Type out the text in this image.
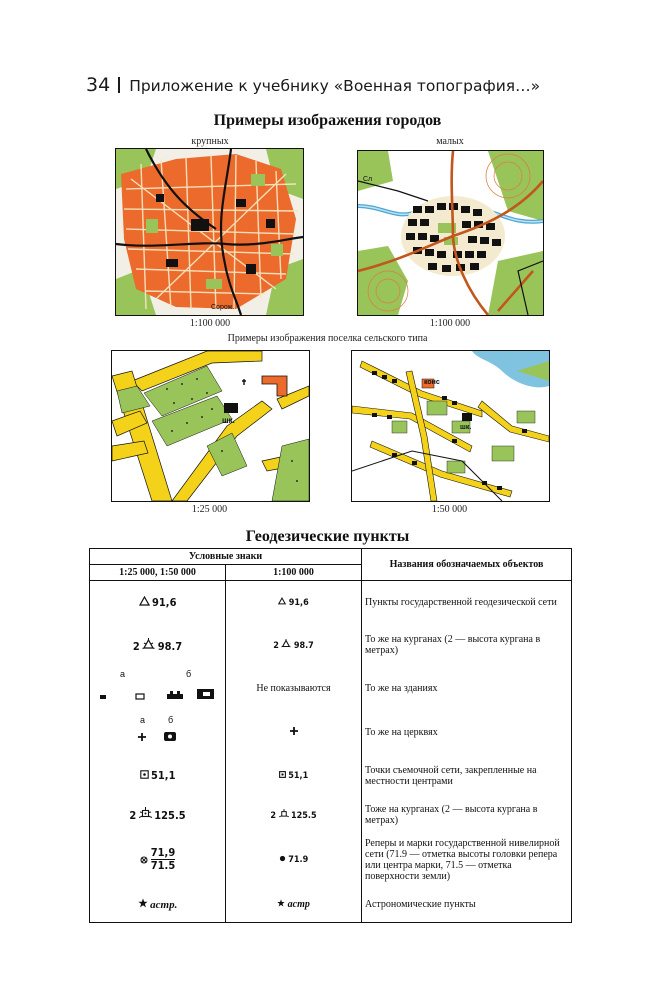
34 Приложение к учебнику «Военная топография…»
Примеры изображения городов
крупных	малых
Сорож.
Сл
1:100 000	1:100 000
Примеры изображения поселка сельского типа
шк.
конс
шк.
1:25 000	1:50 000
Геодезические пункты
Условные знаки		Названия обозначаемых объектов
1:25 000, 1:50 000	1:100 000	
91,6	91,6	Пункты государственной геодезической сети
2 98.7	2 98.7	То же на курганах (2 — высота кургана в метрах)

а б	Не показываются	То же на зданиях

а б		То же на церквях
51,1	51,1	Точки съемочной сети, закрепленные на местности центрами
2 125.5	2 125.5	Тоже на курганах (2 — высота кургана в метрах)

71,9
71.5	71.9	Реперы и марки государственной нивелирной сети (71.9 — отметка высоты головки репера или центра марки, 71.5 — отметка поверхности земли)
астр.	астр	Астрономические пункты
